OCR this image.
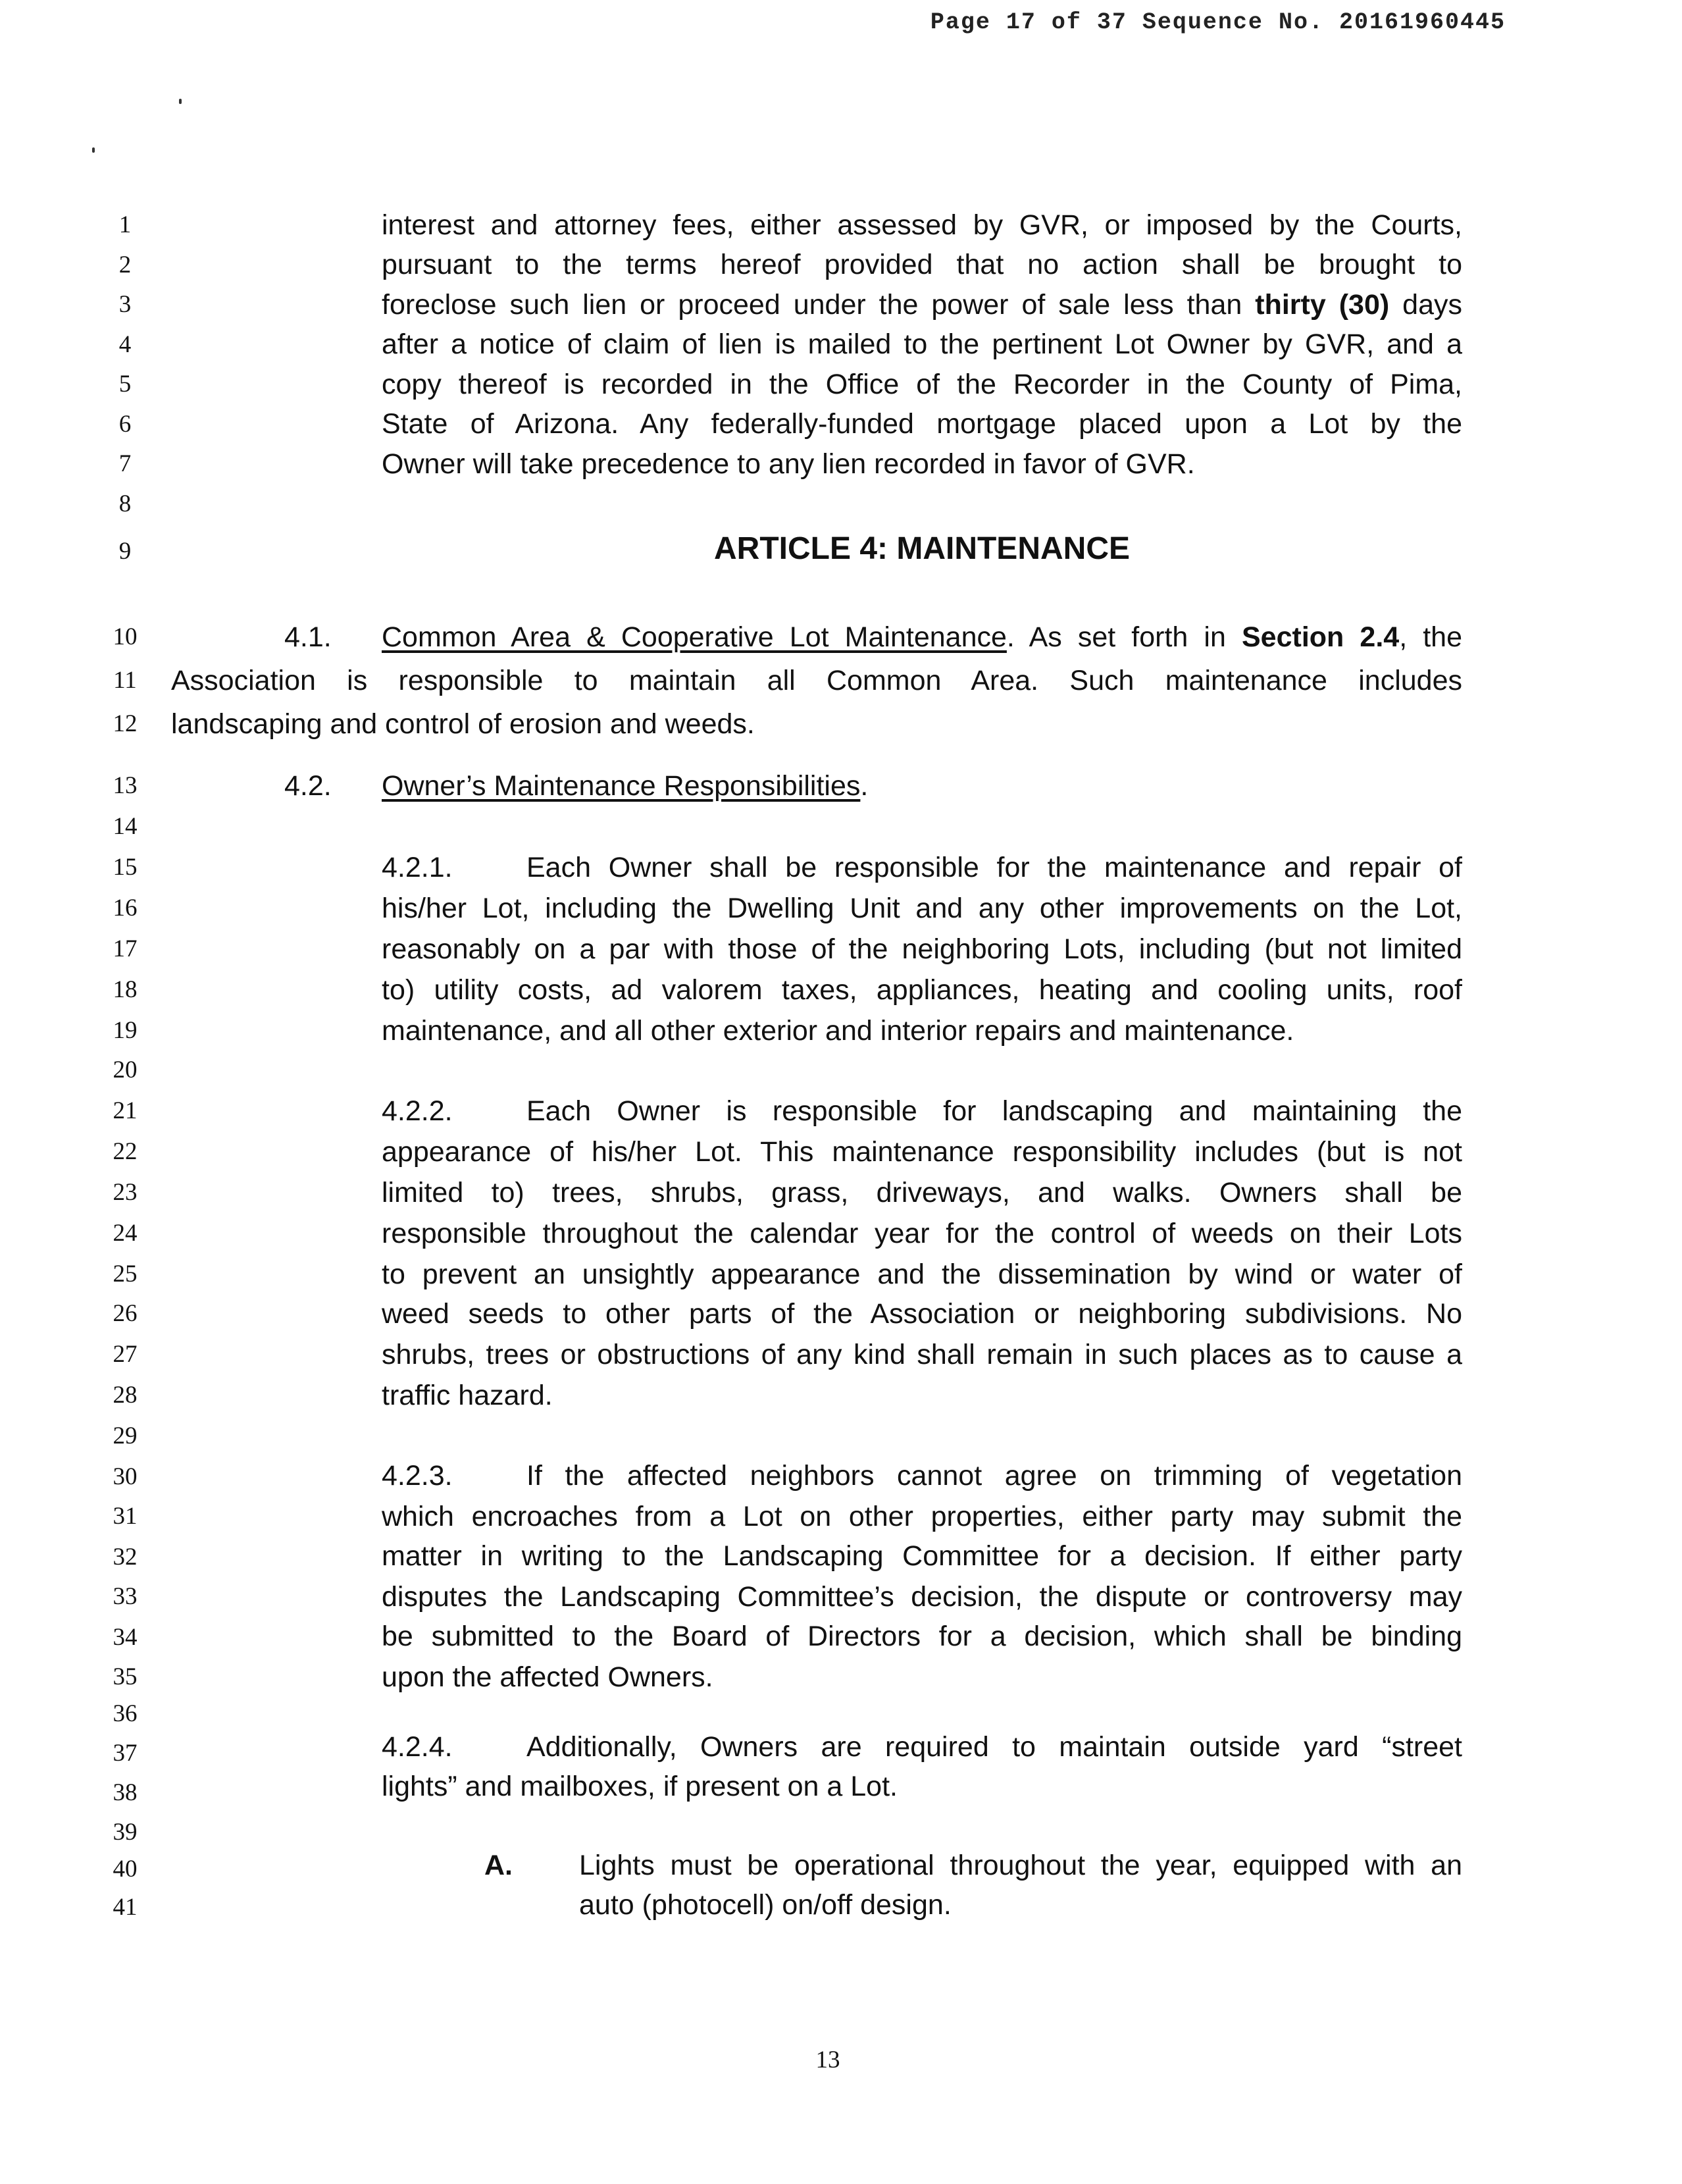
Page 17 of 37 Sequence No. 20161960445
1
2
3
4
5
6
7
8
9
10
11
12
13
14
15
16
17
18
19
20
21
22
23
24
25
26
27
28
29
30
31
32
33
34
35
36
37
38
39
40
41
interest and attorney fees, either assessed by GVR, or imposed by the Courts,
pursuant to the terms hereof provided that no action shall be brought to
foreclose such lien or proceed under the power of sale less than thirty (30) days
after a notice of claim of lien is mailed to the pertinent Lot Owner by GVR, and a
copy thereof is recorded in the Office of the Recorder in the County of Pima,
State of Arizona. Any federally-funded mortgage placed upon a Lot by the
Owner will take precedence to any lien recorded in favor of GVR.
ARTICLE 4: MAINTENANCE
4.1. Common Area & Cooperative Lot Maintenance. As set forth in Section 2.4, the
Association is responsible to maintain all Common Area. Such maintenance includes
landscaping and control of erosion and weeds.
4.2. Owner’s Maintenance Responsibilities.
4.2.1.	Each Owner shall be responsible for the maintenance and repair of
his/her Lot, including the Dwelling Unit and any other improvements on the Lot,
reasonably on a par with those of the neighboring Lots, including (but not limited
to) utility costs, ad valorem taxes, appliances, heating and cooling units, roof
maintenance, and all other exterior and interior repairs and maintenance.
4.2.2.	Each Owner is responsible for landscaping and maintaining the
appearance of his/her Lot. This maintenance responsibility includes (but is not
limited to) trees, shrubs, grass, driveways, and walks. Owners shall be
responsible throughout the calendar year for the control of weeds on their Lots
to prevent an unsightly appearance and the dissemination by wind or water of
weed seeds to other parts of the Association or neighboring subdivisions. No
shrubs, trees or obstructions of any kind shall remain in such places as to cause a
traffic hazard.
4.2.3.	If the affected neighbors cannot agree on trimming of vegetation
which encroaches from a Lot on other properties, either party may submit the
matter in writing to the Landscaping Committee for a decision. If either party
disputes the Landscaping Committee’s decision, the dispute or controversy may
be submitted to the Board of Directors for a decision, which shall be binding
upon the affected Owners.
4.2.4.	Additionally, Owners are required to maintain outside yard “street
lights” and mailboxes, if present on a Lot.
A. Lights must be operational throughout the year, equipped with an
auto (photocell) on/off design.
13
